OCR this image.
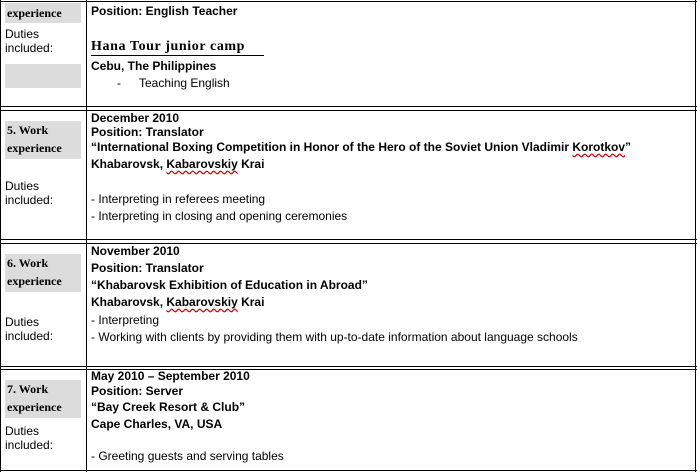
experience
Duties included:
Position: English Teacher
Hana Tour junior camp
Cebu, The Philippines
- Teaching English
5. Work
experience
Duties included:
December 2010
Position: Translator
“International Boxing Competition in Honor of the Hero of the Soviet Union Vladimir Korotkov”
Khabarovsk, Kabarovskiy Krai
- Interpreting in referees meeting
- Interpreting in closing and opening ceremonies
6. Work
experience
Duties included:
November 2010
Position: Translator
“Khabarovsk Exhibition of Education in Abroad”
Khabarovsk, Kabarovskiy Krai
- Interpreting
- Working with clients by providing them with up-to-date information about language schools
7. Work
experience
Duties included:
May 2010 – September 2010
Position: Server
“Bay Creek Resort & Club”
Cape Charles, VA, USA
- Greeting guests and serving tables
